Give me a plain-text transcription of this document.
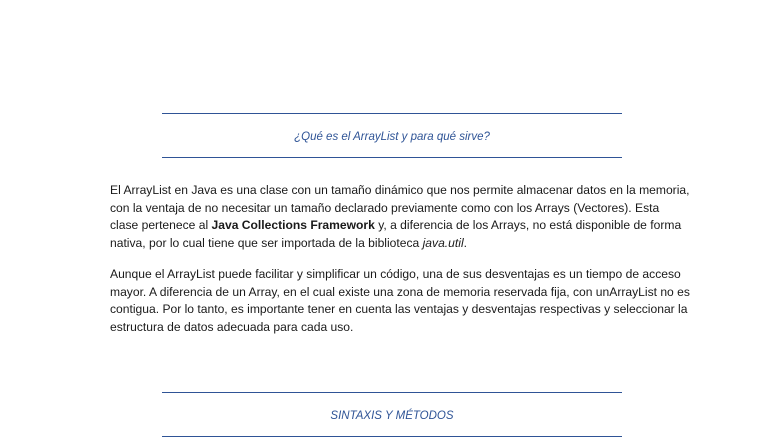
¿Qué es el ArrayList y para qué sirve?

El ArrayList en Java es una clase con un tamaño dinámico que nos permite almacenar datos en la memoria, con la ventaja de no necesitar un tamaño declarado previamente como con los Arrays (Vectores). Esta clase pertenece al Java Collections Framework y, a diferencia de los Arrays, no está disponible de forma nativa, por lo cual tiene que ser importada de la biblioteca java.util.

Aunque el ArrayList puede facilitar y simplificar un código, una de sus desventajas es un tiempo de acceso mayor. A diferencia de un Array, en el cual existe una zona de memoria reservada fija, con unArrayList no es contigua. Por lo tanto, es importante tener en cuenta las ventajas y desventajas respectivas y seleccionar la estructura de datos adecuada para cada uso.

SINTAXIS Y MÉTODOS
